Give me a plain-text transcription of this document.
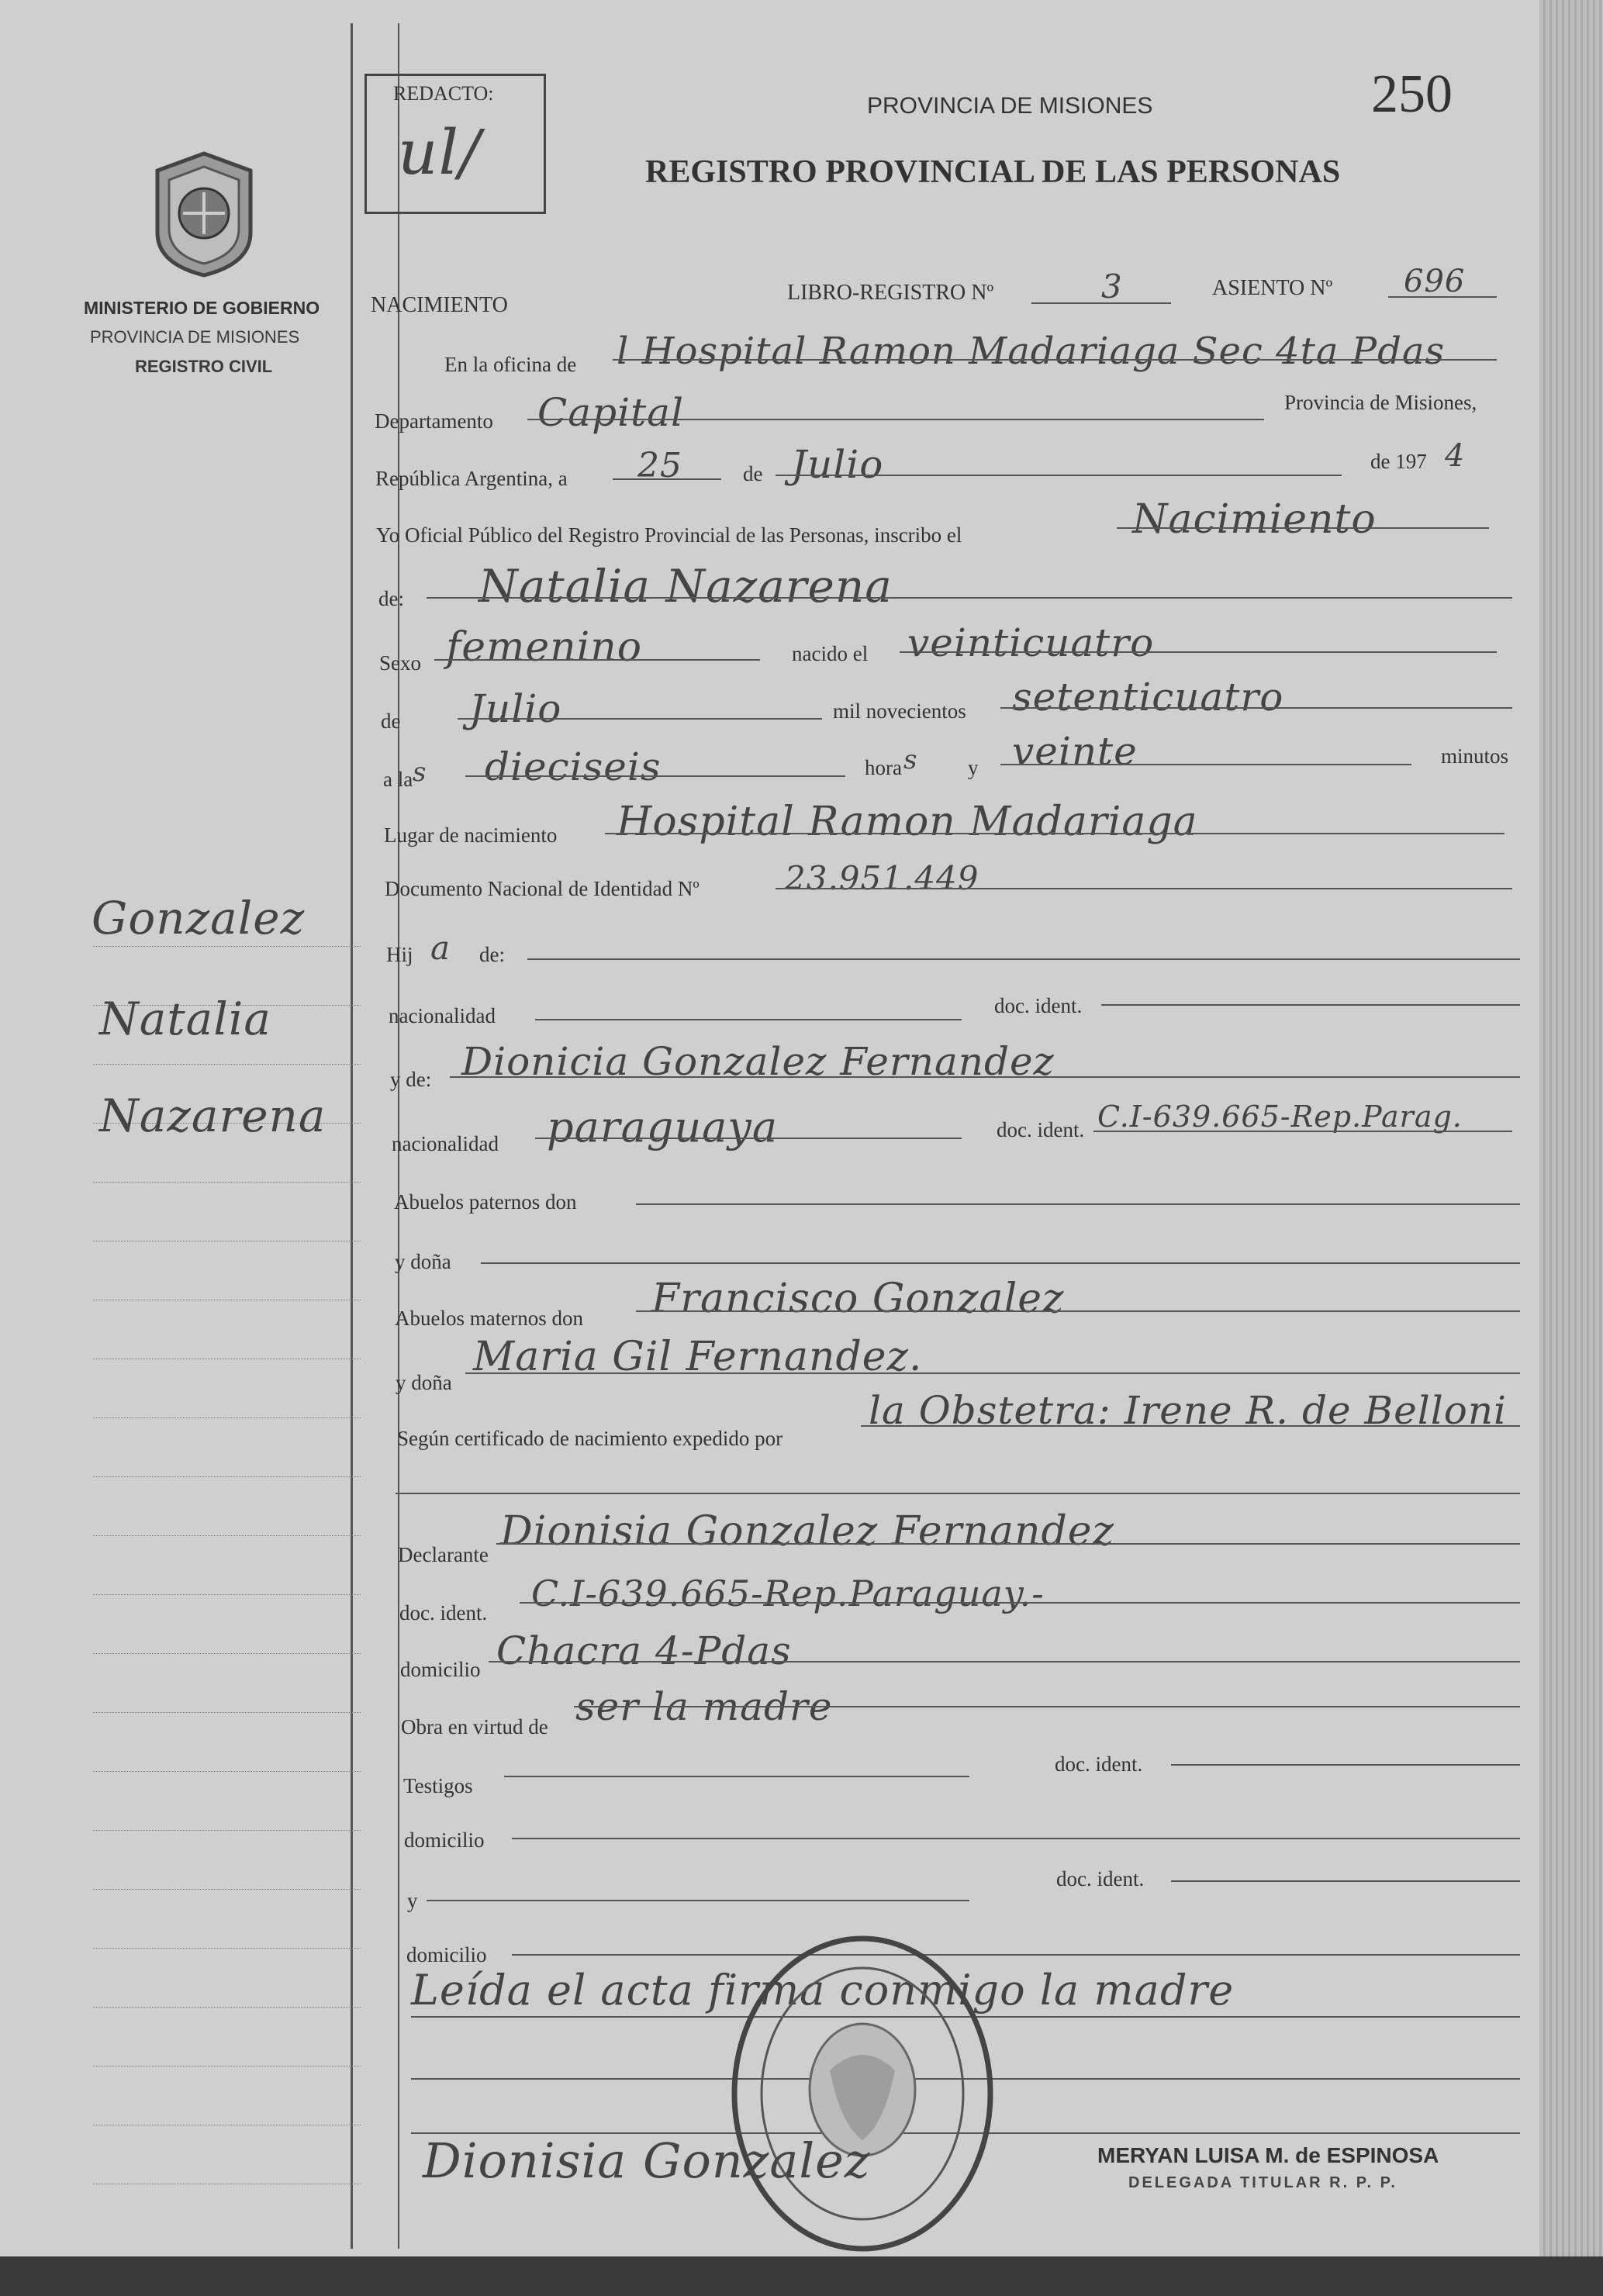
MINISTERIO DE GOBIERNO
PROVINCIA DE MISIONES
REGISTRO CIVIL
Gonzalez
Natalia
Nazarena
REDACTO:
ul/
250
PROVINCIA DE MISIONES
REGISTRO PROVINCIAL DE LAS PERSONAS
NACIMIENTO
LIBRO-REGISTRO Nº	3	ASIENTO Nº 696
En la oficina de l Hospital Ramon Madariaga Sec 4ta Pdas
Departamento Capital	Provincia de Misiones,
República Argentina, a 25	de Julio	de 197 4
Yo Oficial Público del Registro Provincial de las Personas, inscribo el	Nacimiento
de: Natalia Nazarena
Sexo femenino	nacido el veinticuatro
de Julio	mil novecientos setenticuatro
a la s dieciseis	hora s y veinte	minutos
Lugar de nacimiento Hospital Ramon Madariaga
Documento Nacional de Identidad Nº	23.951.449
Hij a de:
nacionalidad	doc. ident.
y de: Dionicia Gonzalez Fernandez
nacionalidad paraguaya	doc. ident. C.I-639.665-Rep.Parag.
Abuelos paternos don
y doña
Abuelos maternos don Francisco Gonzalez
y doña
Maria Gil Fernandez.
Según certificado de nacimiento expedido por
la Obstetra: Irene R. de Belloni
Declarante Dionisia Gonzalez Fernandez
doc. ident. C.I-639.665-Rep.Paraguay.-
domicilio Chacra 4-Pdas
Obra en virtud de ser la madre
Testigos
doc. ident.
domicilio
y
doc. ident.
domicilio
Leída el acta firma conmigo la madre
Dionisia Gonzalez	MERYAN LUISA M. de ESPINOSA
DELEGADA TITULAR R. P. P.
